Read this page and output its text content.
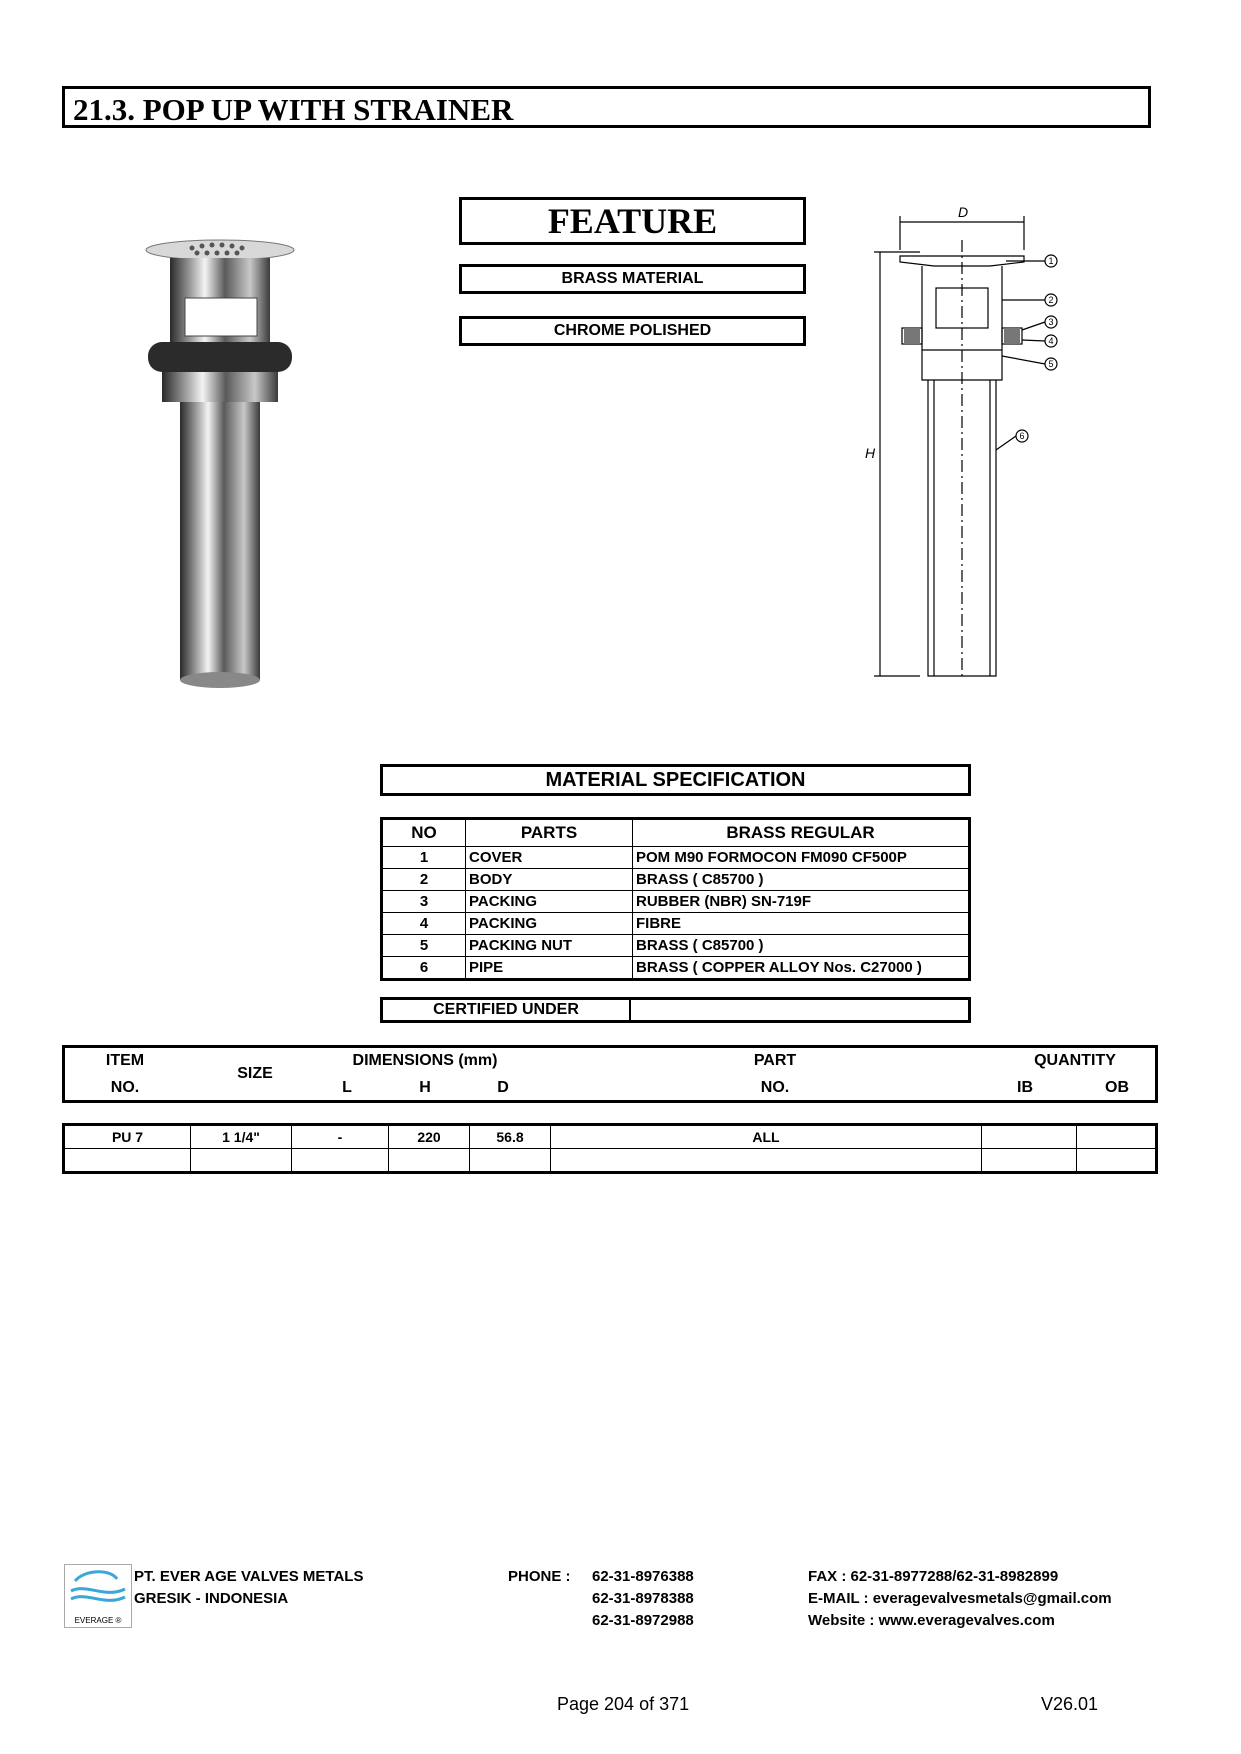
21.3. POP UP WITH STRAINER
FEATURE
BRASS MATERIAL
CHROME POLISHED
D
H
1
2
3
4
5
6
MATERIAL SPECIFICATION
NO	PARTS	BRASS REGULAR
1	COVER	POM M90 FORMOCON FM090 CF500P
2	BODY	BRASS ( C85700 )
3	PACKING	RUBBER (NBR) SN-719F
4	PACKING	FIBRE
5	PACKING NUT	BRASS ( C85700 )
6	PIPE	BRASS ( COPPER ALLOY Nos. C27000 )
CERTIFIED UNDER
ITEM
NO.
SIZE
DIMENSIONS (mm)
L	H	D
PART
NO.
QUANTITY
IB	OB
PU 7	1 1/4"	-	220	56.8	ALL		

EVERAGE ®
PT. EVER AGE VALVES METALS
GRESIK - INDONESIA
PHONE : 62-31-8976388
62-31-8978388
62-31-8972988
FAX : 62-31-8977288/62-31-8982899
E-MAIL : everagevalvesmetals@gmail.com
Website : www.everagevalves.com
Page 204 of 371	V26.01
